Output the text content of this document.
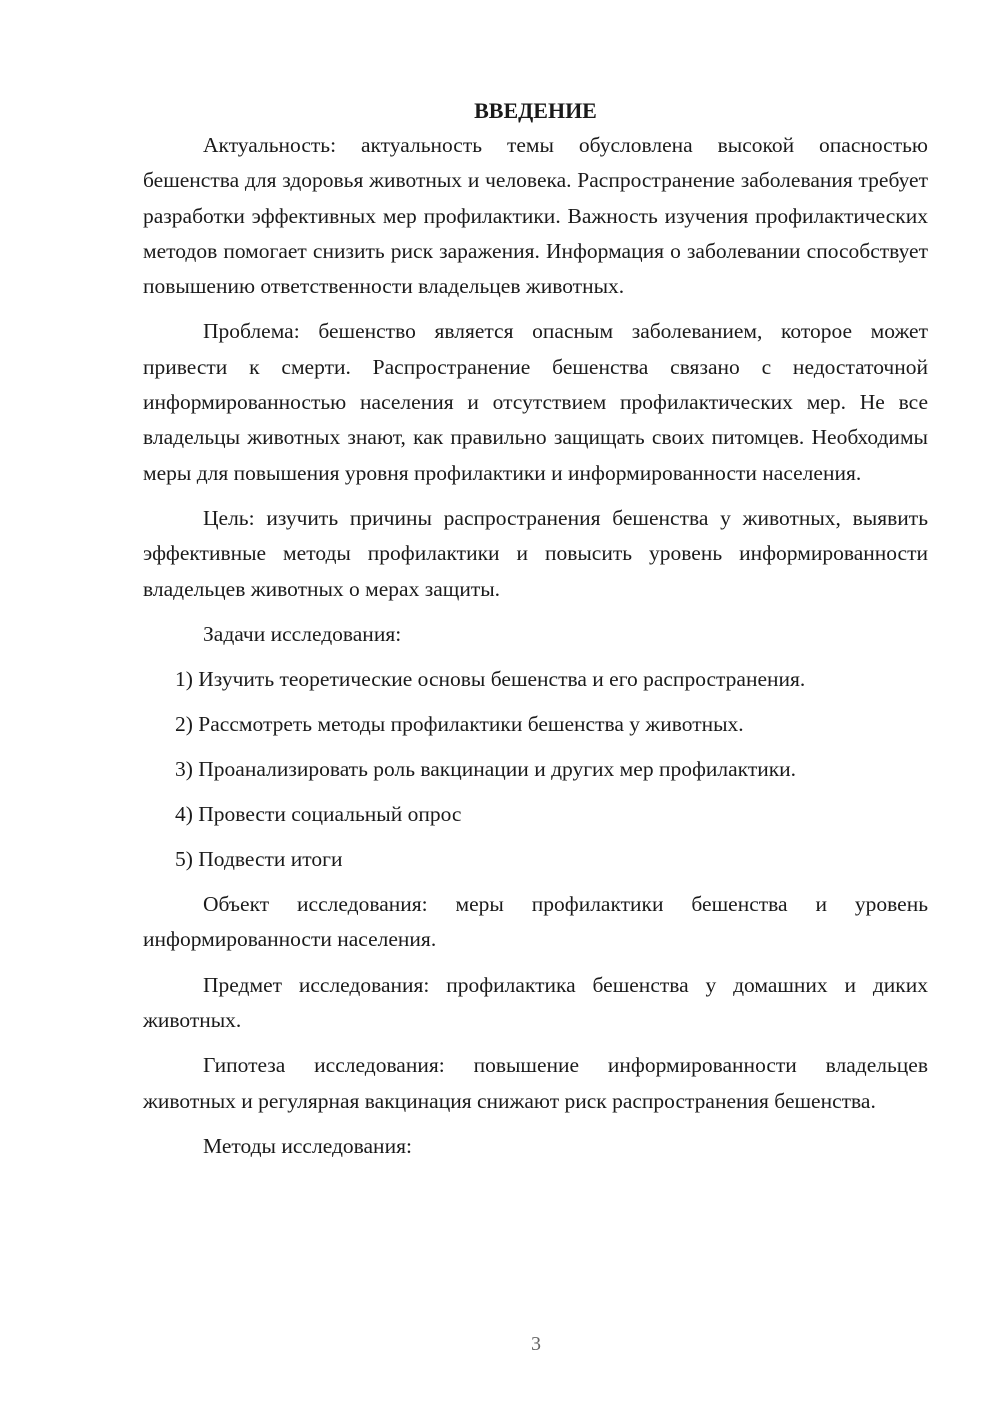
ВВЕДЕНИЕ

Актуальность: актуальность темы обусловлена высокой опасностью бешенства для здоровья животных и человека. Распространение заболевания требует разработки эффективных мер профилактики. Важность изучения профилактических методов помогает снизить риск заражения. Информация о заболевании способствует повышению ответственности владельцев животных.

Проблема: бешенство является опасным заболеванием, которое может привести к смерти. Распространение бешенства связано с недостаточной информированностью населения и отсутствием профилактических мер. Не все владельцы животных знают, как правильно защищать своих питомцев. Необходимы меры для повышения уровня профилактики и информированности населения.

Цель: изучить причины распространения бешенства у животных, выявить эффективные методы профилактики и повысить уровень информированности владельцев животных о мерах защиты.

Задачи исследования:

1) Изучить теоретические основы бешенства и его распространения.
2) Рассмотреть методы профилактики бешенства у животных.
3) Проанализировать роль вакцинации и других мер профилактики.
4) Провести социальный опрос
5) Подвести итоги

Объект исследования: меры профилактики бешенства и уровень информированности населения.

Предмет исследования: профилактика бешенства у домашних и диких животных.

Гипотеза исследования: повышение информированности владельцев животных и регулярная вакцинация снижают риск распространения бешенства.

Методы исследования:

3
